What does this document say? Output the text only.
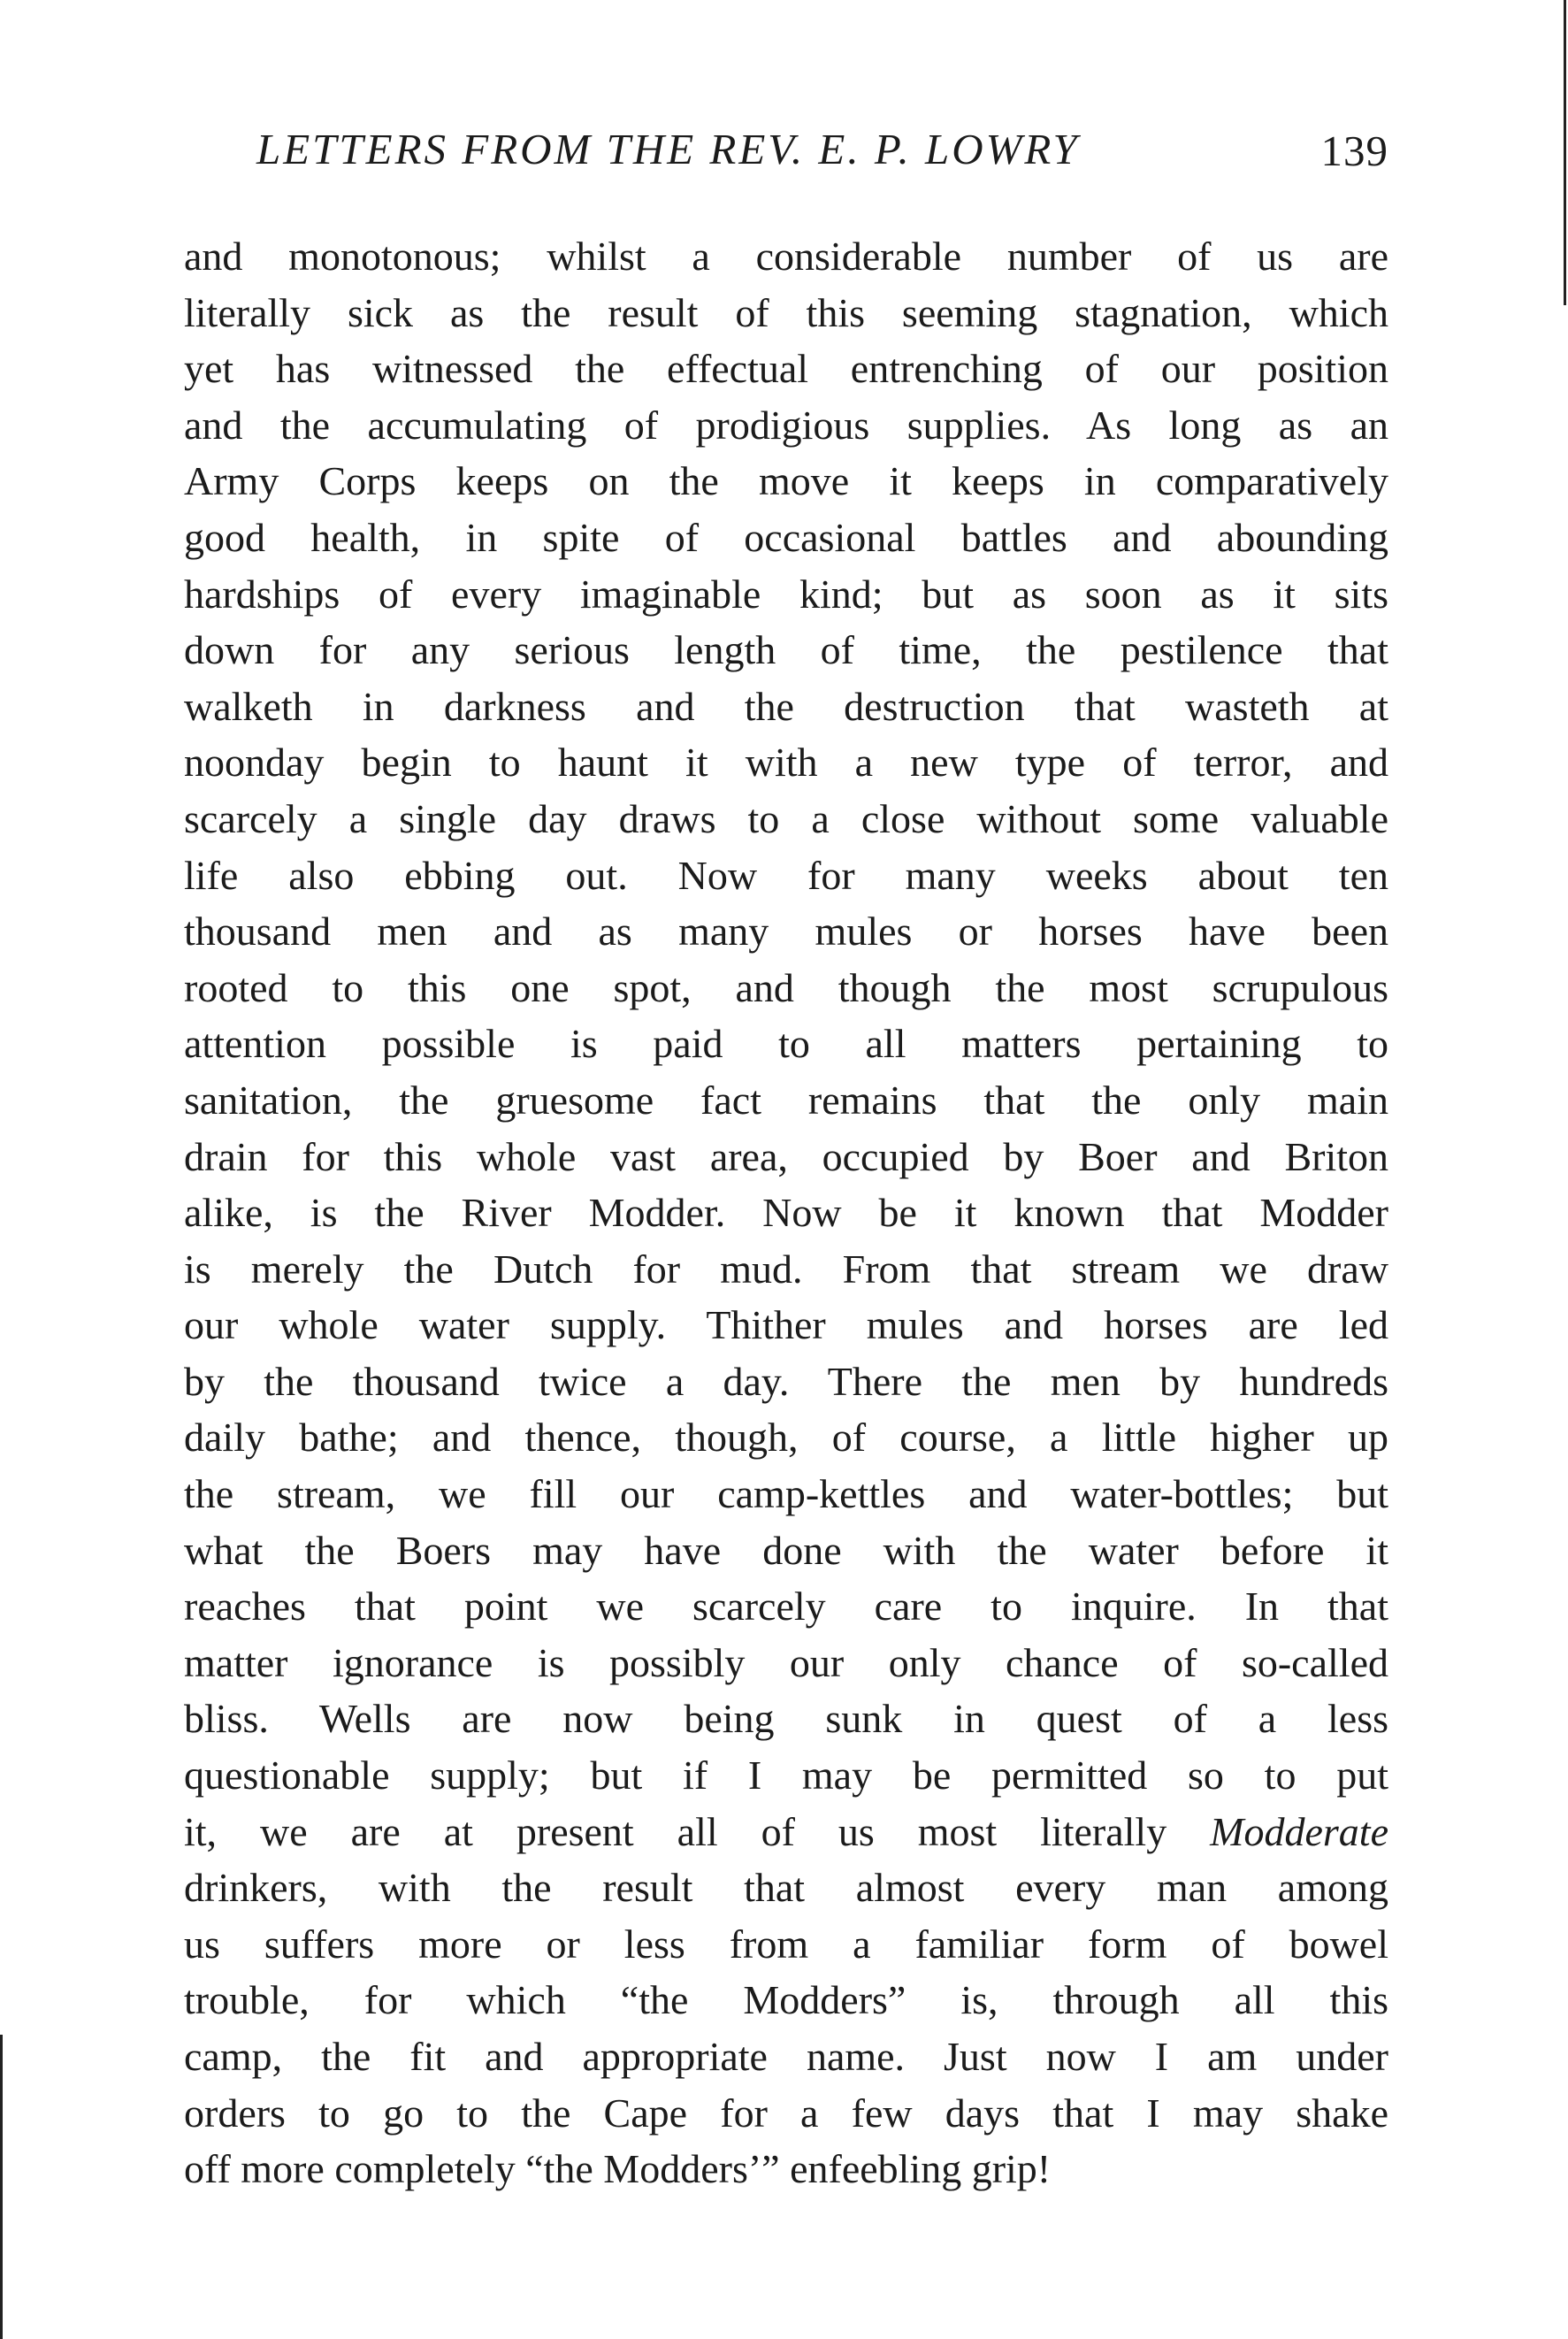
LETTERS FROM THE REV. E. P. LOWRY	139
and monotonous; whilst a considerable number of us are
literally sick as the result of this seeming stagnation, which
yet has witnessed the effectual entrenching of our position
and the accumulating of prodigious supplies. As long as an
Army Corps keeps on the move it keeps in comparatively
good health, in spite of occasional battles and abounding
hardships of every imaginable kind; but as soon as it sits
down for any serious length of time, the pestilence that
walketh in darkness and the destruction that wasteth at
noonday begin to haunt it with a new type of terror, and
scarcely a single day draws to a close without some valuable
life also ebbing out. Now for many weeks about ten
thousand men and as many mules or horses have been
rooted to this one spot, and though the most scrupulous
attention possible is paid to all matters pertaining to
sanitation, the gruesome fact remains that the only main
drain for this whole vast area, occupied by Boer and Briton
alike, is the River Modder. Now be it known that Modder
is merely the Dutch for mud. From that stream we draw
our whole water supply. Thither mules and horses are led
by the thousand twice a day. There the men by hundreds
daily bathe; and thence, though, of course, a little higher up
the stream, we fill our camp-kettles and water-bottles; but
what the Boers may have done with the water before it
reaches that point we scarcely care to inquire. In that
matter ignorance is possibly our only chance of so-called
bliss. Wells are now being sunk in quest of a less
questionable supply; but if I may be permitted so to put
it, we are at present all of us most literally Modderate
drinkers, with the result that almost every man among
us suffers more or less from a familiar form of bowel
trouble, for which “the Modders” is, through all this
camp, the fit and appropriate name. Just now I am under
orders to go to the Cape for a few days that I may shake
off more completely “the Modders’” enfeebling grip!
